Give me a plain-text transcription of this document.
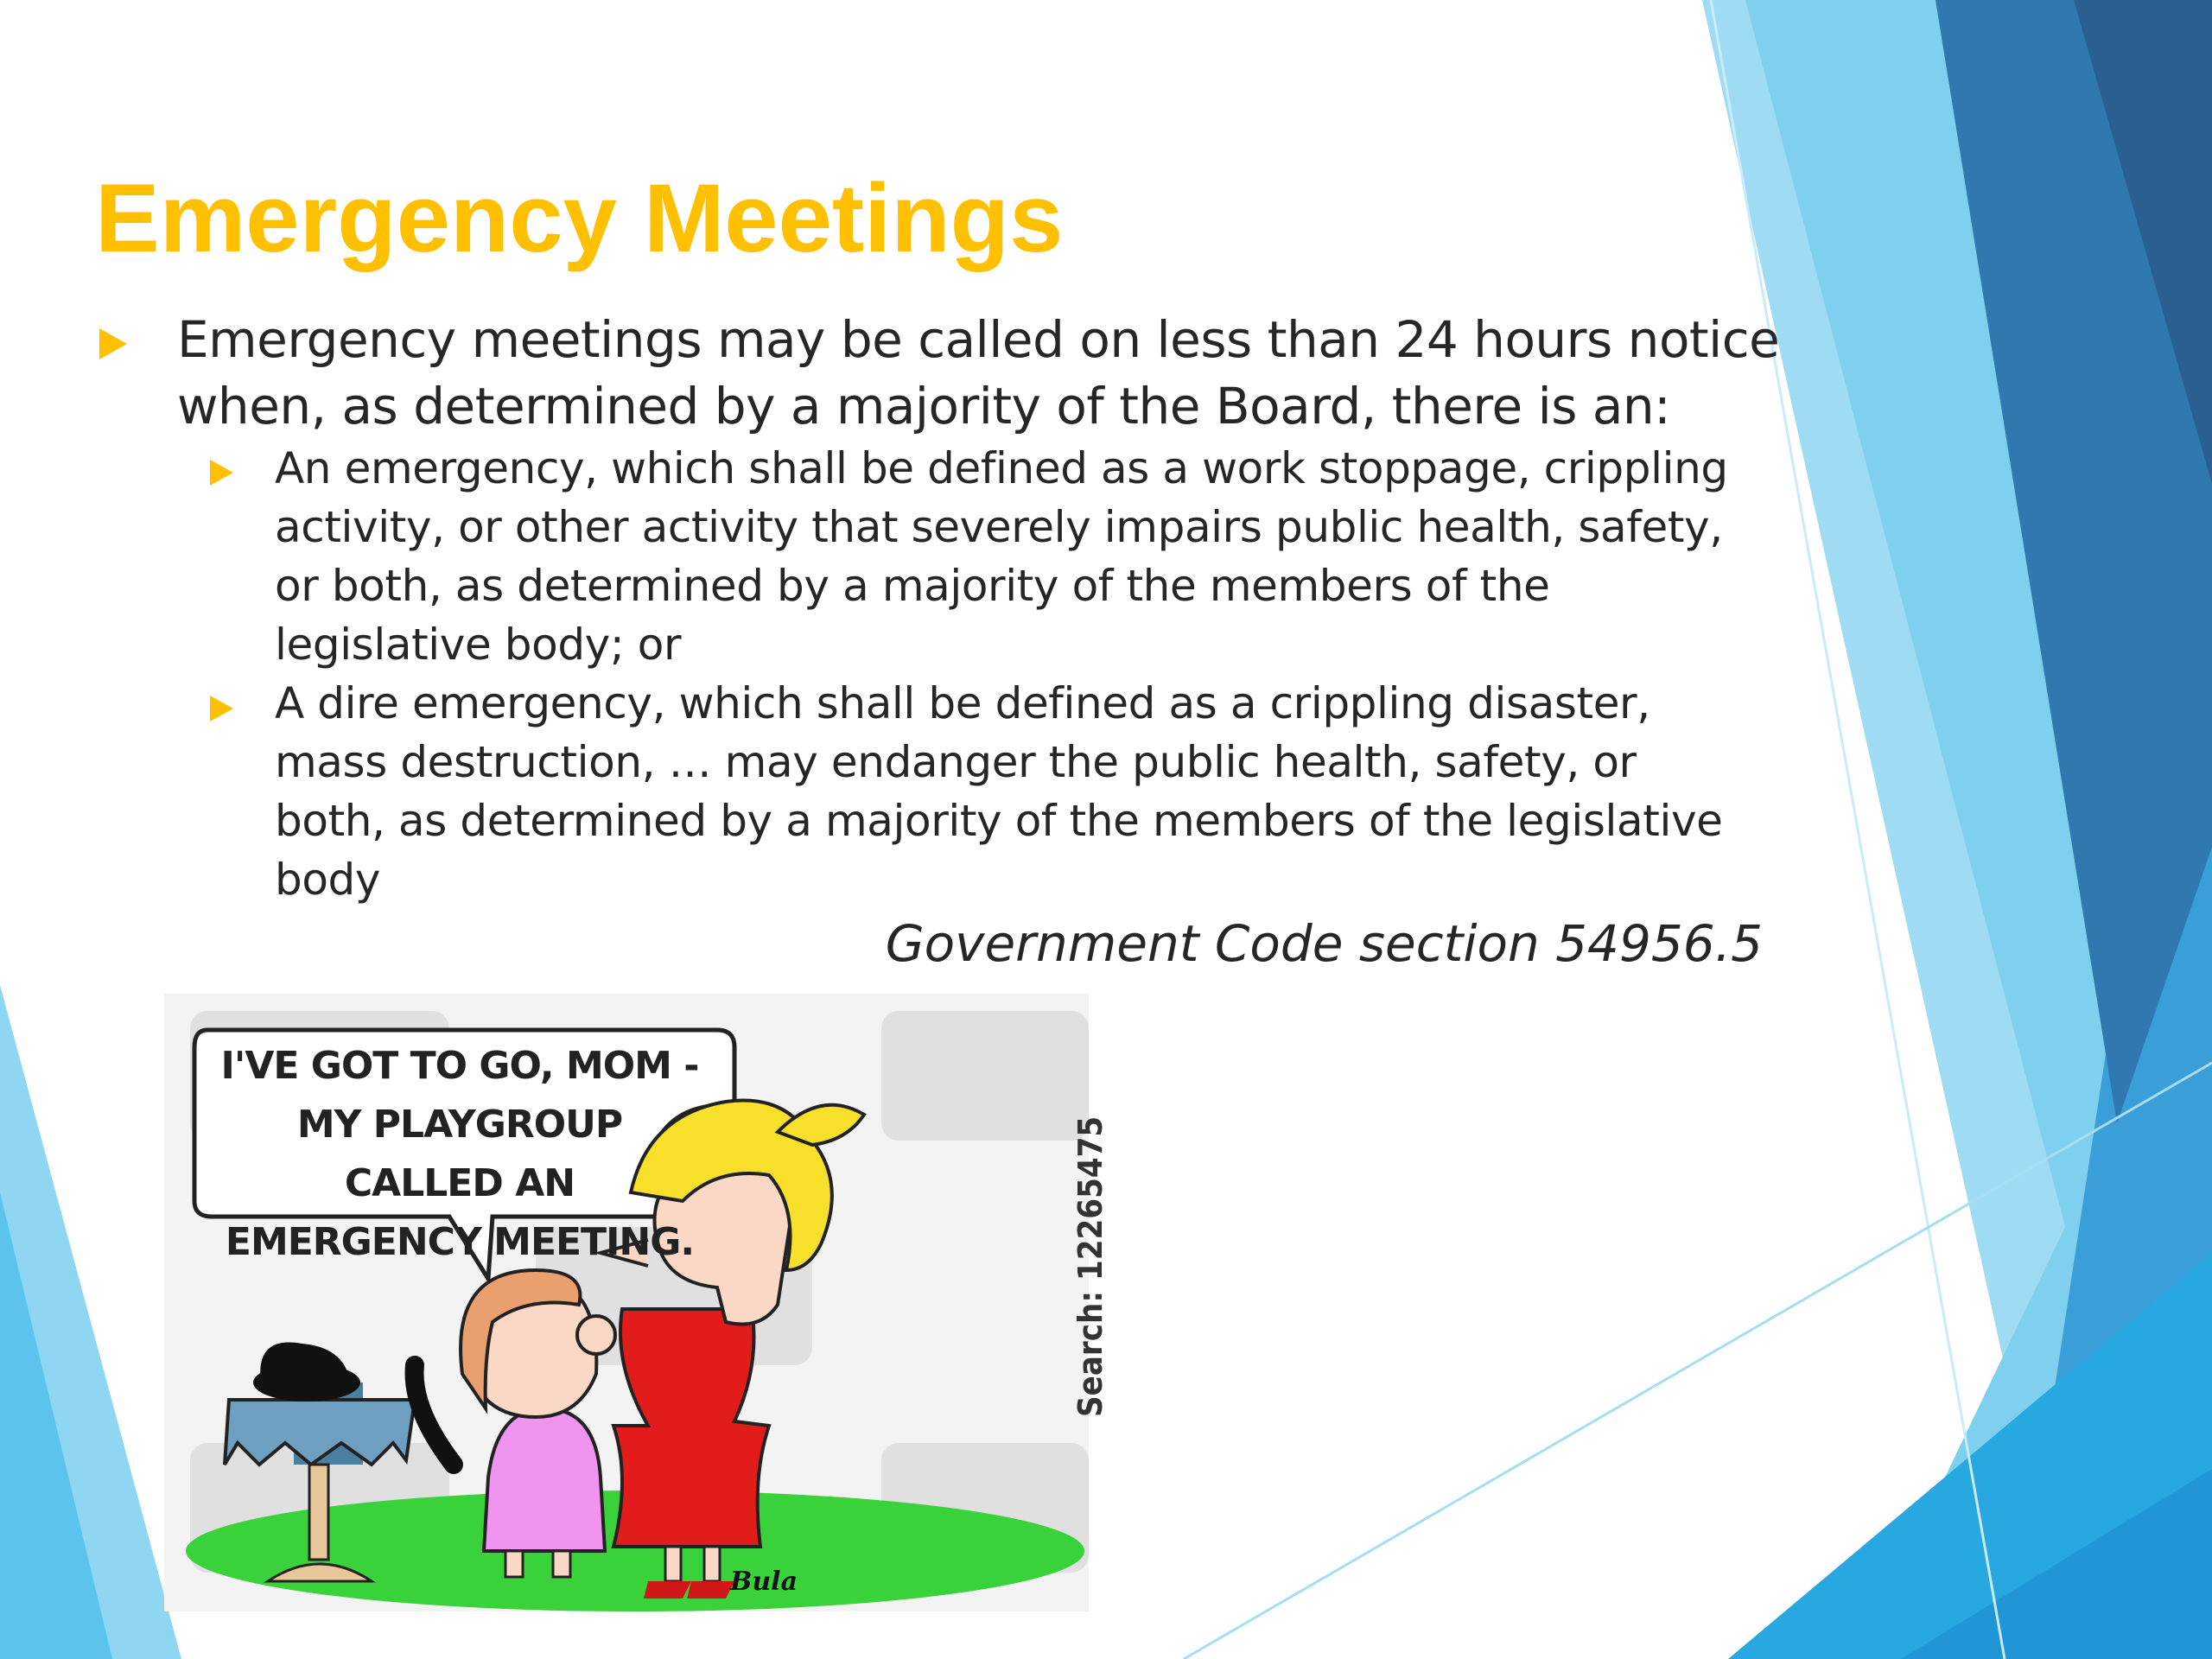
Emergency Meetings

Emergency meetings may be called on less than 24 hours notice when, as determined by a majority of the Board, there is an:

An emergency, which shall be defined as a work stoppage, crippling activity, or other activity that severely impairs public health, safety, or both, as determined by a majority of the members of the legislative body; or

A dire emergency, which shall be defined as a crippling disaster, mass destruction, … may endanger the public health, safety, or both, as determined by a majority of the members of the legislative body

Government Code section 54956.5

Bula
I'VE GOT TO GO, MOM - MY PLAYGROUP CALLED AN EMERGENCY MEETING.	Search: 12265475
